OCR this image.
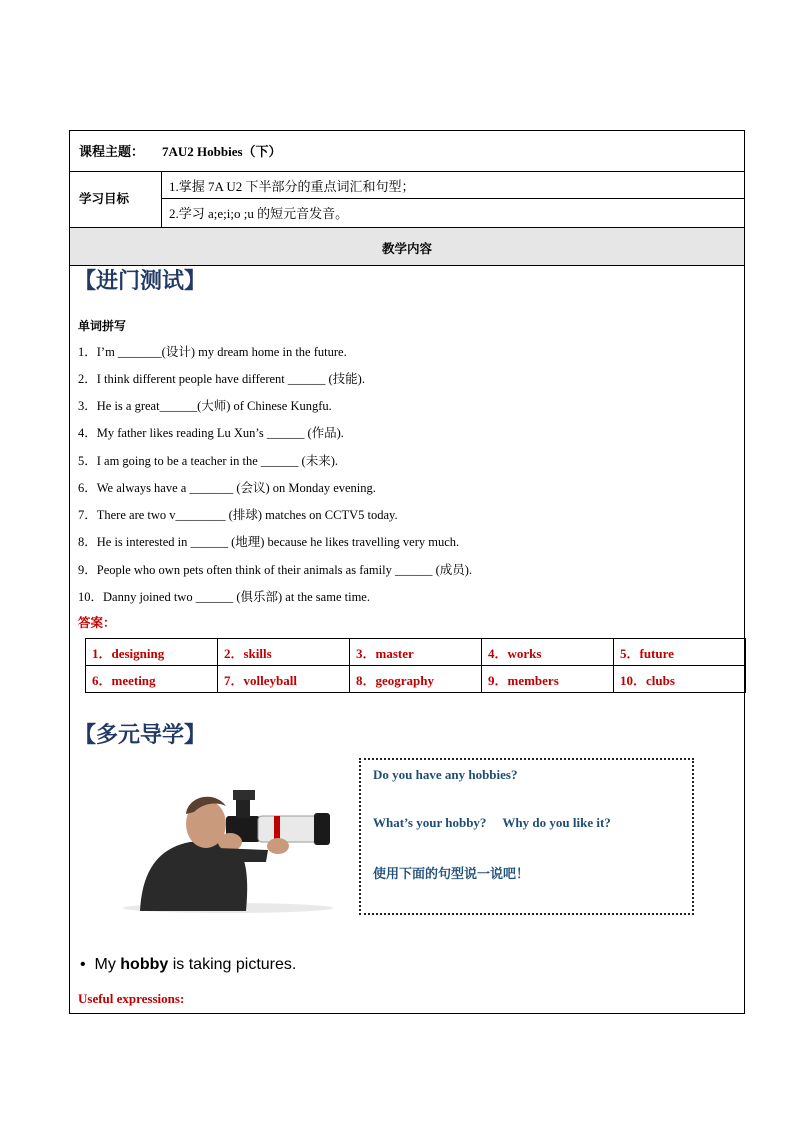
课程主题： 7AU2 Hobbies（下）
学习目标
1.掌握 7A U2 下半部分的重点词汇和句型；
2.学习 a;e;i;o ;u 的短元音发音。
教学内容
【进门测试】
单词拼写
1．I’m _______(设计) my dream home in the future.
2．I think different people have different ______ (技能).
3．He is a great______(大师) of Chinese Kungfu.
4．My father likes reading Lu Xun’s ______ (作品).
5．I am going to be a teacher in the ______ (未来).
6．We always have a _______ (会议) on Monday evening.
7．There are two v________ (排球) matches on CCTV5 today.
8．He is interested in ______ (地理) because he likes travelling very much.
9．People who own pets often think of their animals as family ______ (成员).
10．Danny joined two ______ (俱乐部) at the same time.
答案：
1．designing	2．skills	3．master	4．works	5．future
6．meeting	7．volleyball	8．geography	9．members	10．clubs
【多元导学】
Do you have any hobbies?
What’s your hobby?     Why do you like it?
使用下面的句型说一说吧！
•  My hobby is taking pictures.
Useful expressions:
